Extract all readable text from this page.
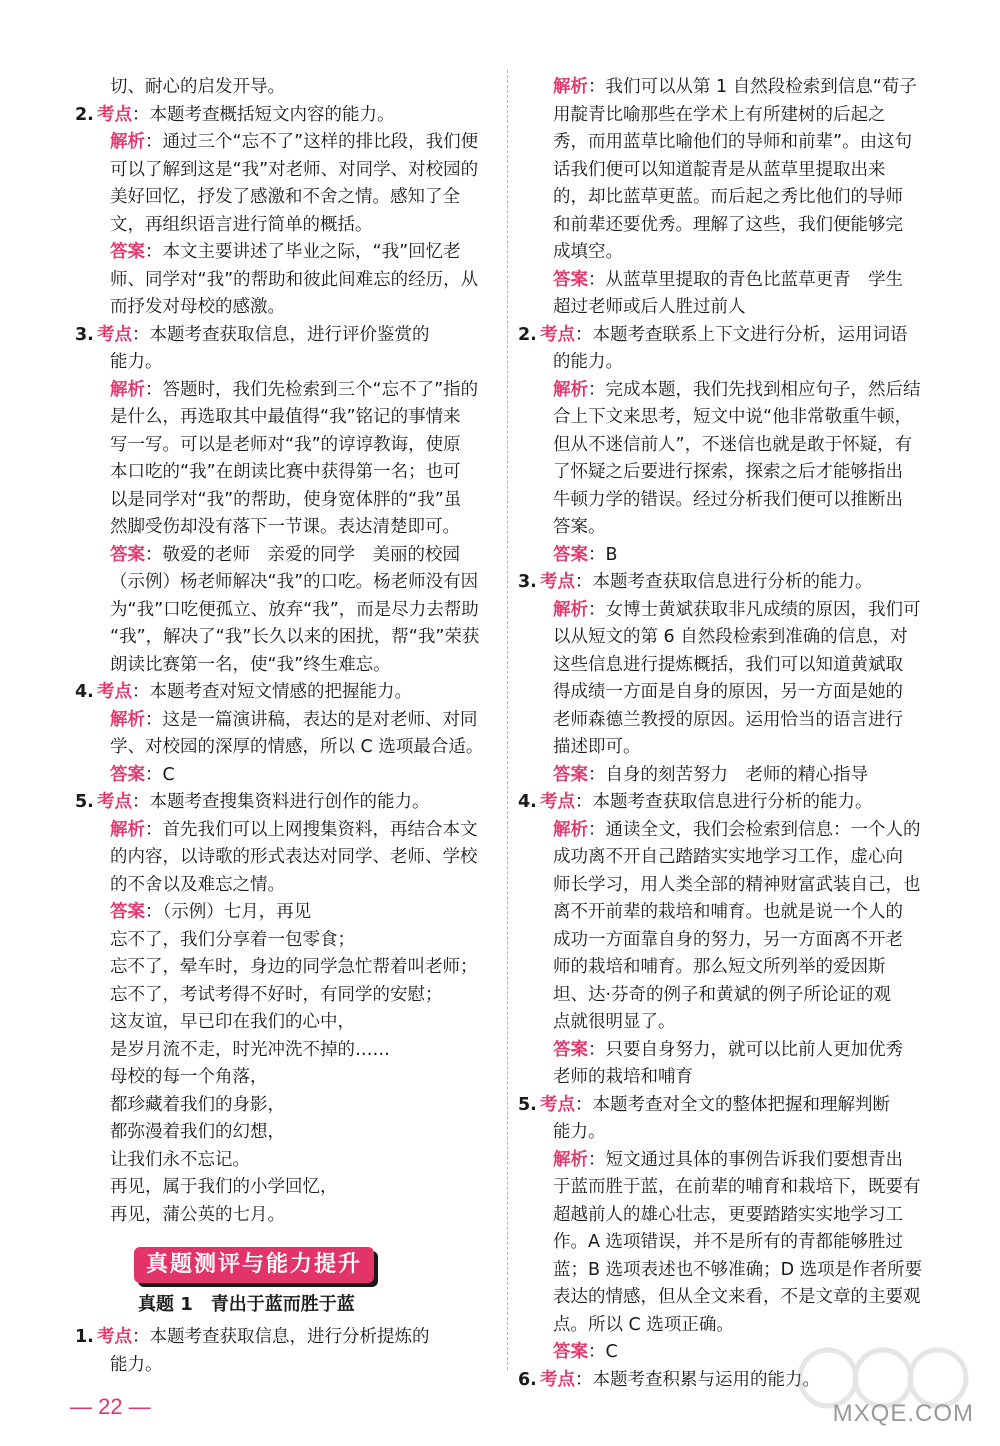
切、耐心的启发开导。
2. 考点：本题考查概括短文内容的能力。
解析：通过三个“忘不了”这样的排比段，我们便
可以了解到这是“我”对老师、对同学、对校园的
美好回忆，抒发了感激和不舍之情。感知了全
文，再组织语言进行简单的概括。
答案：本文主要讲述了毕业之际，“我”回忆老
师、同学对“我”的帮助和彼此间难忘的经历，从
而抒发对母校的感激。
3. 考点：本题考查获取信息，进行评价鉴赏的
能力。
解析：答题时，我们先检索到三个“忘不了”指的
是什么，再选取其中最值得“我”铭记的事情来
写一写。可以是老师对“我”的谆谆教诲，使原
本口吃的“我”在朗读比赛中获得第一名；也可
以是同学对“我”的帮助，使身宽体胖的“我”虽
然脚受伤却没有落下一节课。表达清楚即可。
答案：敬爱的老师　亲爱的同学　美丽的校园
（示例）杨老师解决“我”的口吃。杨老师没有因
为“我”口吃便孤立、放弃“我”，而是尽力去帮助
“我”，解决了“我”长久以来的困扰，帮“我”荣获
朗读比赛第一名，使“我”终生难忘。
4. 考点：本题考查对短文情感的把握能力。
解析：这是一篇演讲稿，表达的是对老师、对同
学、对校园的深厚的情感，所以 C 选项最合适。
答案：C
5. 考点：本题考查搜集资料进行创作的能力。
解析：首先我们可以上网搜集资料，再结合本文
的内容，以诗歌的形式表达对同学、老师、学校
的不舍以及难忘之情。
答案：（示例）七月，再见
忘不了，我们分享着一包零食；
忘不了，晕车时，身边的同学急忙帮着叫老师；
忘不了，考试考得不好时，有同学的安慰；
这友谊，早已印在我们的心中，
是岁月流不走，时光冲洗不掉的……
母校的每一个角落，
都珍藏着我们的身影，
都弥漫着我们的幻想，
让我们永不忘记。
再见，属于我们的小学回忆，
再见，蒲公英的七月。
真题测评与能力提升
真题 1　青出于蓝而胜于蓝
1. 考点：本题考查获取信息，进行分析提炼的
能力。
解析：我们可以从第 1 自然段检索到信息“荀子
用靛青比喻那些在学术上有所建树的后起之
秀，而用蓝草比喻他们的导师和前辈”。由这句
话我们便可以知道靛青是从蓝草里提取出来
的，却比蓝草更蓝。而后起之秀比他们的导师
和前辈还要优秀。理解了这些，我们便能够完
成填空。
答案：从蓝草里提取的青色比蓝草更青　学生
超过老师或后人胜过前人
2. 考点：本题考查联系上下文进行分析，运用词语
的能力。
解析：完成本题，我们先找到相应句子，然后结
合上下文来思考，短文中说“他非常敬重牛顿，
但从不迷信前人”，不迷信也就是敢于怀疑，有
了怀疑之后要进行探索，探索之后才能够指出
牛顿力学的错误。经过分析我们便可以推断出
答案。
答案：B
3. 考点：本题考查获取信息进行分析的能力。
解析：女博士黄斌获取非凡成绩的原因，我们可
以从短文的第 6 自然段检索到准确的信息，对
这些信息进行提炼概括，我们可以知道黄斌取
得成绩一方面是自身的原因，另一方面是她的
老师森德兰教授的原因。运用恰当的语言进行
描述即可。
答案：自身的刻苦努力　老师的精心指导
4. 考点：本题考查获取信息进行分析的能力。
解析：通读全文，我们会检索到信息：一个人的
成功离不开自己踏踏实实地学习工作，虚心向
师长学习，用人类全部的精神财富武装自己，也
离不开前辈的栽培和哺育。也就是说一个人的
成功一方面靠自身的努力，另一方面离不开老
师的栽培和哺育。那么短文所列举的爱因斯
坦、达·芬奇的例子和黄斌的例子所论证的观
点就很明显了。
答案：只要自身努力，就可以比前人更加优秀
老师的栽培和哺育
5. 考点：本题考查对全文的整体把握和理解判断
能力。
解析：短文通过具体的事例告诉我们要想青出
于蓝而胜于蓝，在前辈的哺育和栽培下，既要有
超越前人的雄心壮志，更要踏踏实实地学习工
作。A 选项错误，并不是所有的青都能够胜过
蓝；B 选项表述也不够准确；D 选项是作者所要
表达的情感，但从全文来看，不是文章的主要观
点。所以 C 选项正确。
答案：C
6. 考点：本题考查积累与运用的能力。
— 22 —	MXQE.COM
